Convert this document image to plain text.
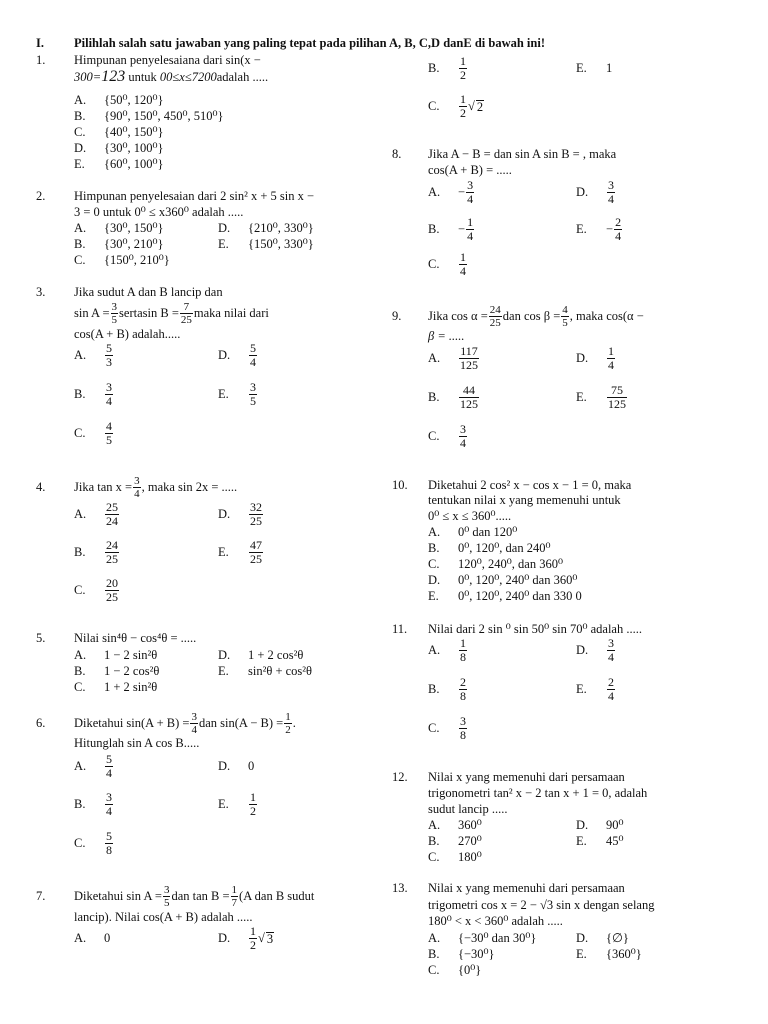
I. Pilihlah salah satu jawaban yang paling tepat pada pilihan A, B, C,D danE di bawah ini!
1. Himpunan penyelesaiana dari sin(x −
300=123 untuk 00≤x≤7200adalah .....
A. {50⁰, 120⁰}
B. {90⁰, 150⁰, 450⁰, 510⁰}
C. {40⁰, 150⁰}
D. {30⁰, 100⁰}
E. {60⁰, 100⁰}
2. Himpunan penyelesaian dari 2 sin² x + 5 sin x −
3 = 0 untuk 0⁰ ≤ x360⁰ adalah .....
A. {30⁰, 150⁰}	D. {210⁰, 330⁰}
B. {30⁰, 210⁰}	E. {150⁰, 330⁰}
C. {150⁰, 210⁰}
3. Jika sudut A dan B lancip dan
$\sin A = \frac{3}{5}$ sertasin $B = \frac{7}{25}$ maka nilai dari
cos(A + B) adalah.....
A.	$\frac{5}{3}$	D.	$\frac{5}{4}$
B.	$\frac{3}{4}$	E.	$\frac{3}{5}$
C.	$\frac{4}{5}$
4. Jika $\tan x = \frac{3}{4}$ , maka sin 2x = .....
A.	$\frac{25}{24}$	D.	$\frac{32}{25}$
B.	$\frac{24}{25}$	E.	$\frac{47}{25}$
C.	$\frac{20}{25}$
5. Nilai sin⁴θ − cos⁴θ = .....
A. 1 − 2 sin²θ	D. 1 + 2 cos²θ
B. 1 − 2 cos²θ	E. sin²θ + cos²θ
C. 1 + 2 sin²θ
6. Diketahui $\sin(A + B) = \frac{3}{4}$ dan $\sin(A - B) = \frac{1}{2}$ .
Hitunglah sin A cos B.....
A.	$\frac{5}{4}$	D.	0
B.	$\frac{3}{4}$	E.	$\frac{1}{2}$
C.	$\frac{5}{8}$
7. Diketahui $\sin A = \frac{3}{5}$ dan $\tan B = \frac{1}{7} (A$ dan B sudut
lancip). Nilai cos(A + B) adalah .....
A.	0	D.	$\frac{1}{2}$ √ 3
B.	$\frac{1}{2}$	E.	1
C.	$\frac{1}{2}$ √ 2
8. Jika A − B = dan sin A sin B = , maka
cos(A + B) = .....
A.	− $\frac{3}{4}$	D.	$\frac{3}{4}$
B.	− $\frac{1}{4}$	E.	− $\frac{2}{4}$
C.	$\frac{1}{4}$
9. Jika $\cos \alpha = \frac{24}{25}$ dan $\cos \beta = \frac{4}{5}$ , maka cos(α −
β = .....
A.	$\frac{117}{125}$	D.	$\frac{1}{4}$
B.	$\frac{44}{125}$	E.	$\frac{75}{125}$
C.	$\frac{3}{4}$
10. Diketahui 2 cos² x − cos x − 1 = 0, maka
tentukan nilai x yang memenuhi untuk
0⁰ ≤ x ≤ 360⁰.....
A. 0⁰ dan 120⁰
B. 0⁰, 120⁰, dan 240⁰
C. 120⁰, 240⁰, dan 360⁰
D. 0⁰, 120⁰, 240⁰ dan 360⁰
E. 0⁰, 120⁰, 240⁰ dan 330 0
11. Nilai dari 2 sin ⁰ sin 50⁰ sin 70⁰ adalah .....
A.	$\frac{1}{8}$	D.	$\frac{3}{4}$
B.	$\frac{2}{8}$	E.	$\frac{2}{4}$
C.	$\frac{3}{8}$
12. Nilai x yang memenuhi dari persamaan
trigonometri tan² x − 2 tan x + 1 = 0, adalah
sudut lancip .....
A. 360⁰	D. 90⁰
B. 270⁰	E. 45⁰
C. 180⁰
13. Nilai x yang memenuhi dari persamaan
trigometri cos x = 2 − √3 sin x dengan selang
180⁰ < x < 360⁰ adalah .....
A. {−30⁰ dan 30⁰}	D. {∅}
B. {−30⁰}	E. {360⁰}
C. {0⁰}
